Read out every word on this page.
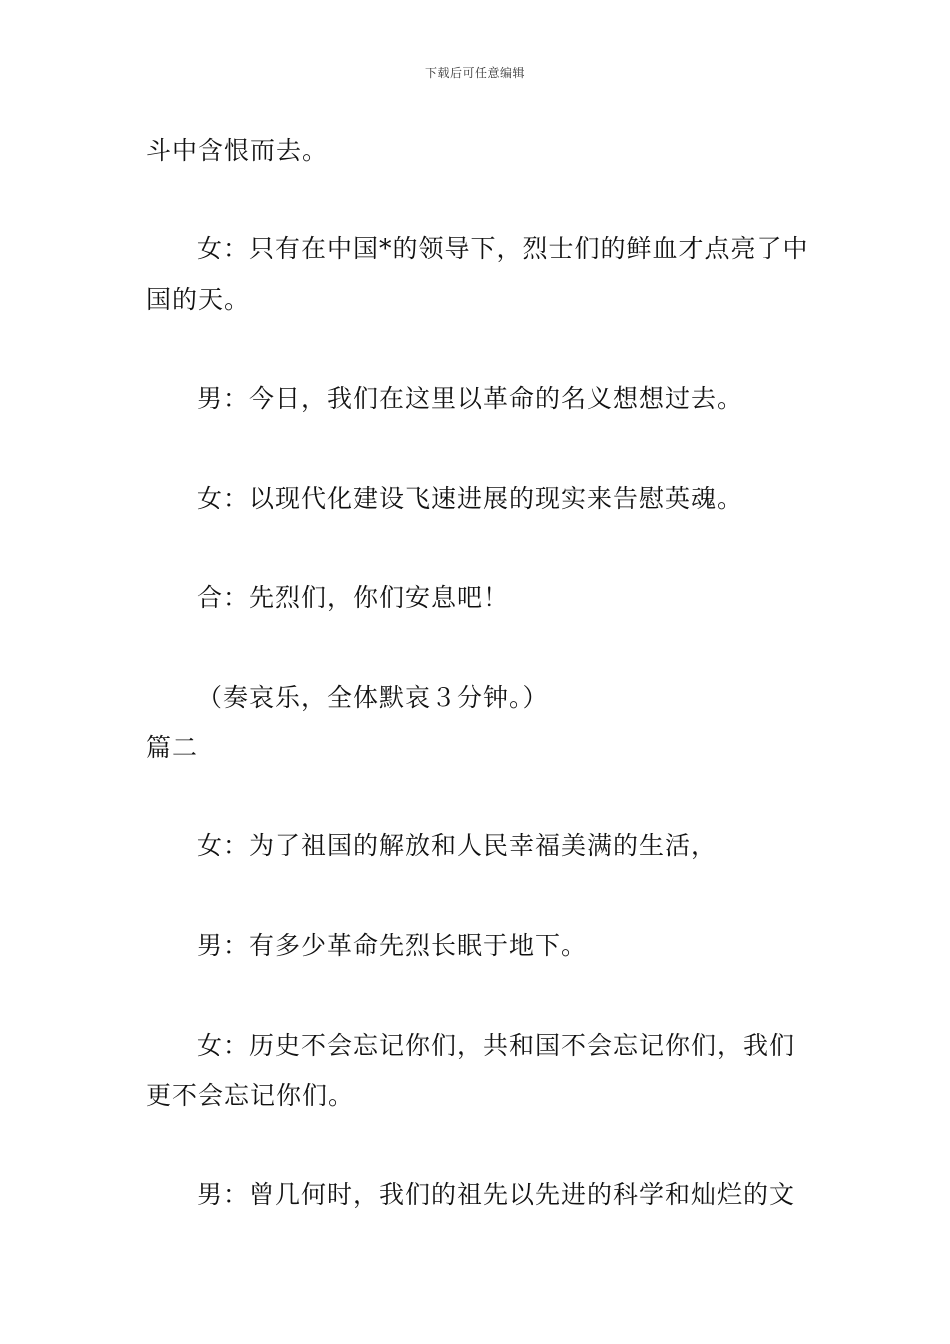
下载后可任意编辑
斗中含恨而去。
女：只有在中国*的领导下，烈士们的鲜血才点亮了中
国的天。
男：今日，我们在这里以革命的名义想想过去。
女：以现代化建设飞速进展的现实来告慰英魂。
合：先烈们，你们安息吧！
（奏哀乐，全体默哀３分钟。）
篇二
女：为了祖国的解放和人民幸福美满的生活，
男：有多少革命先烈长眠于地下。
女：历史不会忘记你们，共和国不会忘记你们，我们
更不会忘记你们。
男：曾几何时，我们的祖先以先进的科学和灿烂的文
